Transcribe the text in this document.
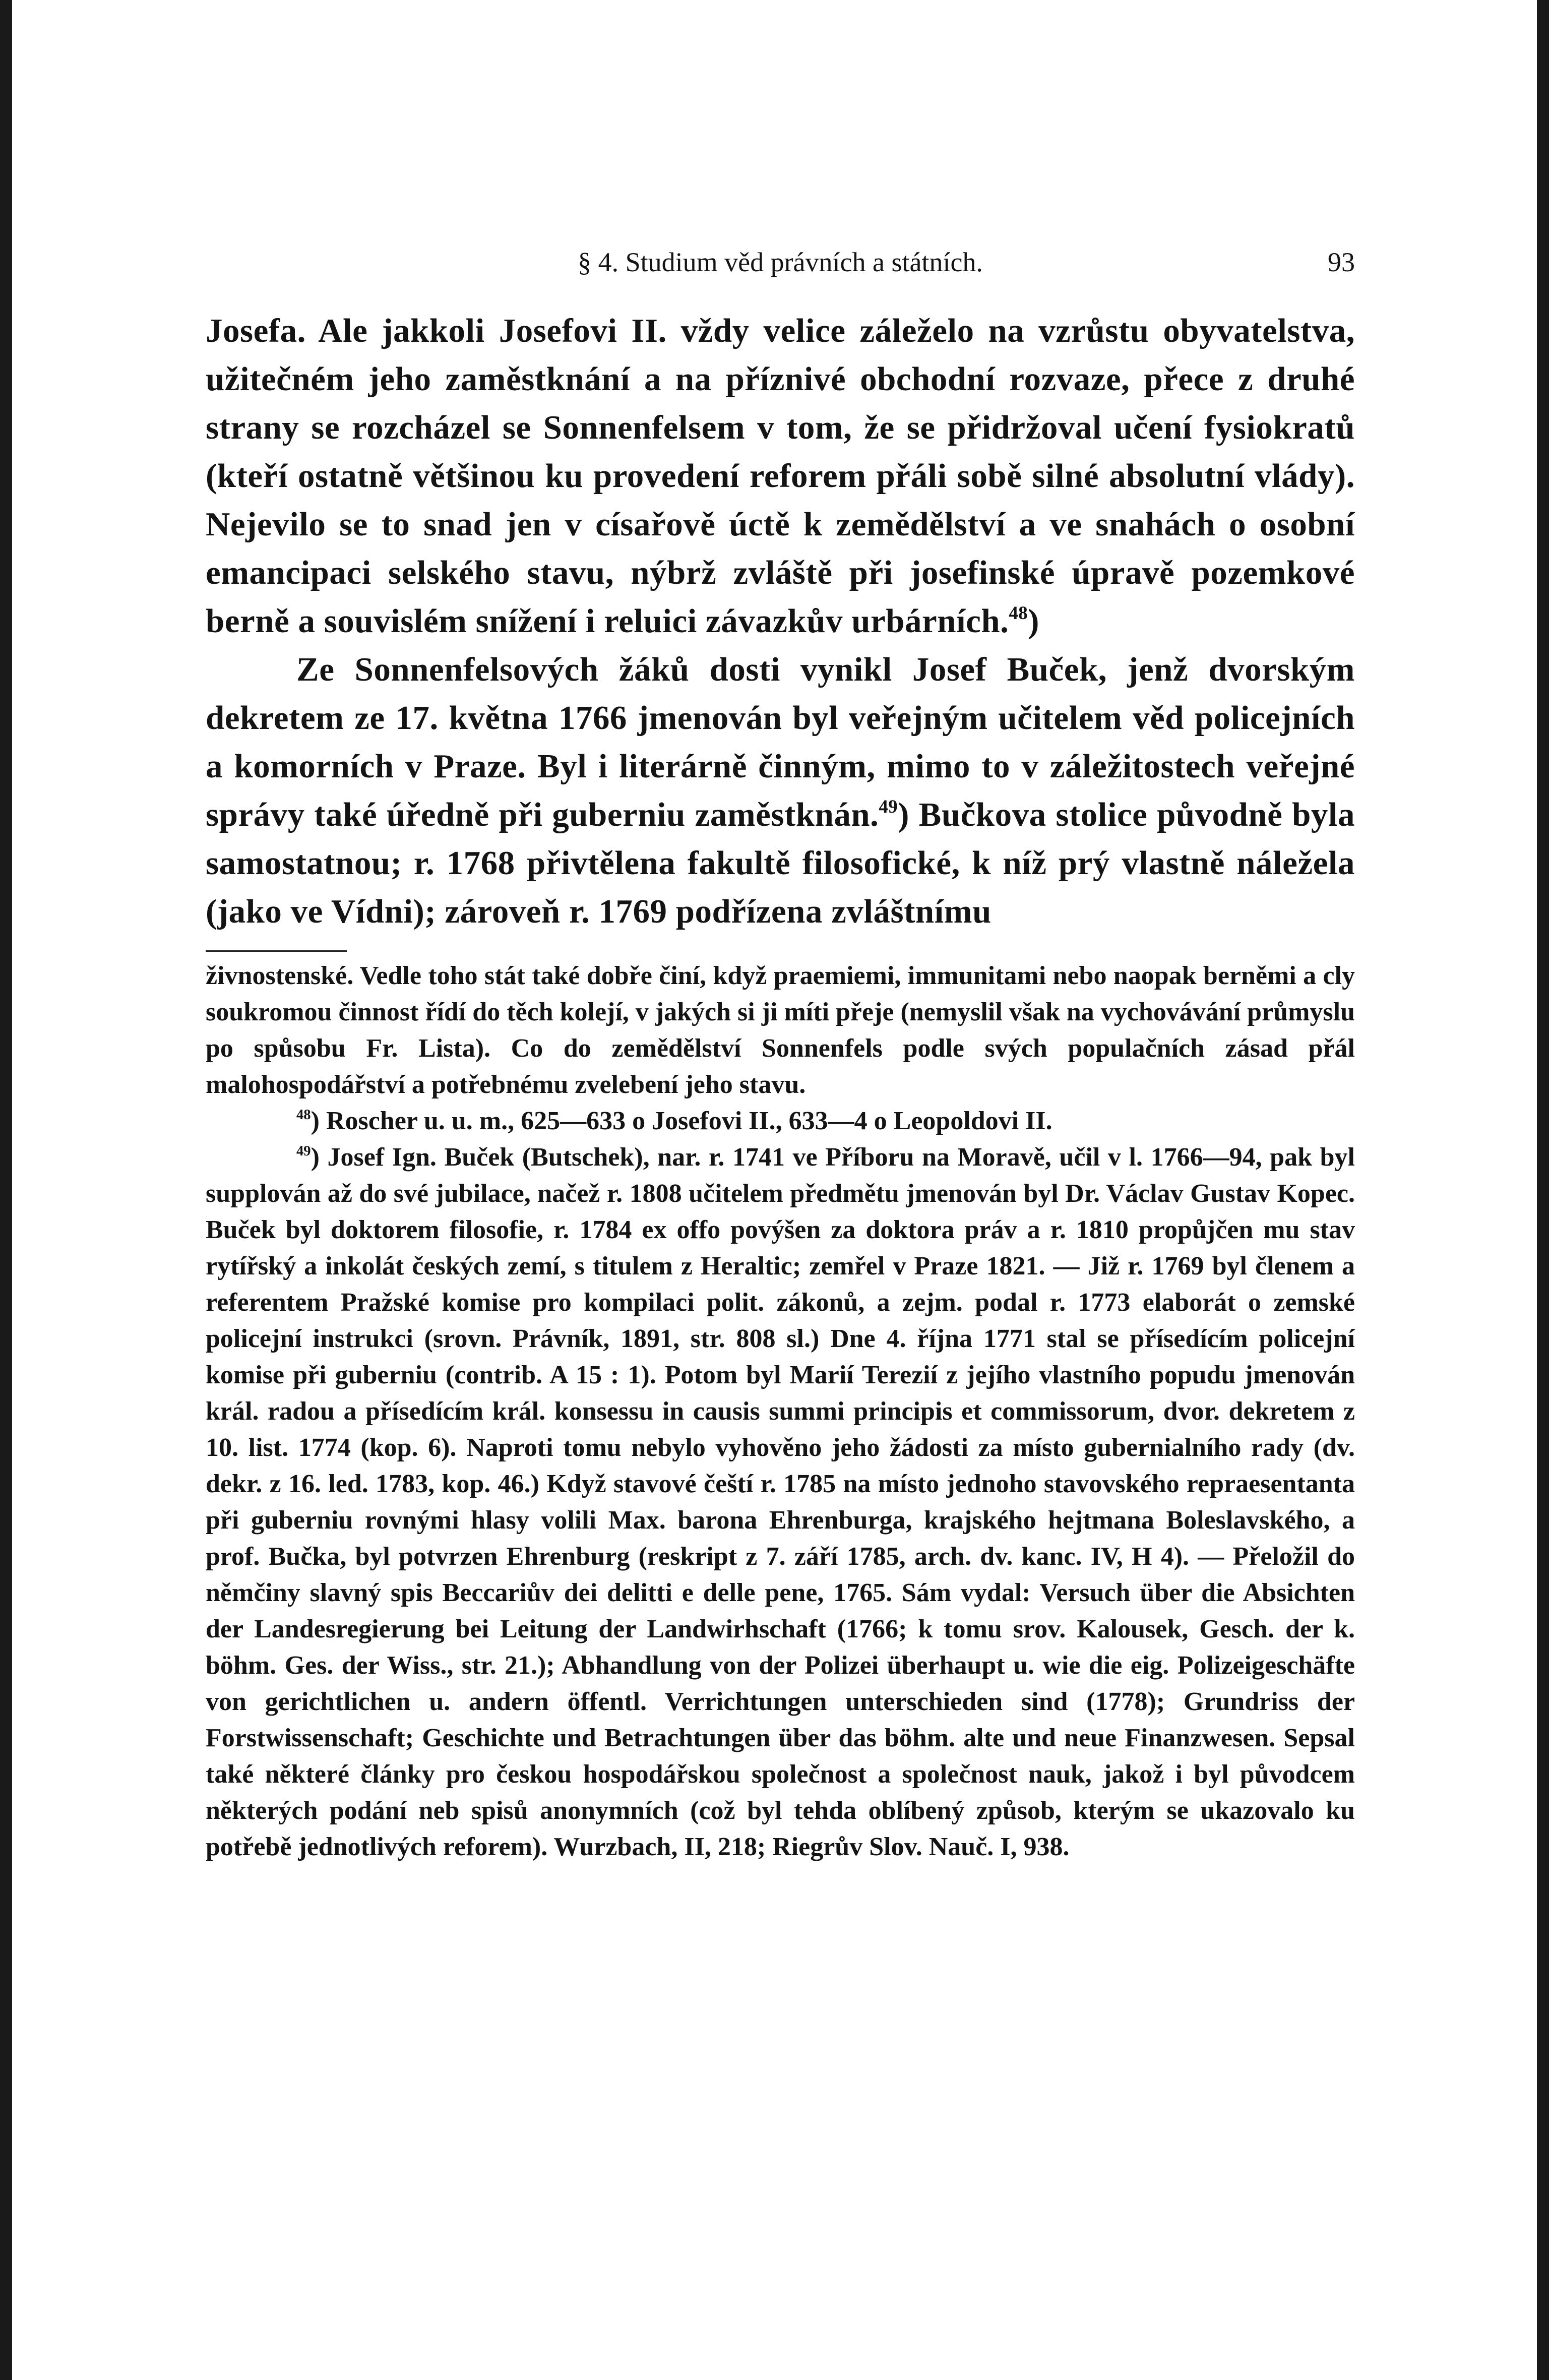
§ 4. Studium věd právních a státních.	93

Josefa. Ale jakkoli Josefovi II. vždy velice záleželo na vzrůstu obyvatelstva, užitečném jeho zaměstknání a na příznivé obchodní rozvaze, přece z druhé strany se rozcházel se Sonnenfelsem v tom, že se přidržoval učení fysiokratů (kteří ostatně většinou ku provedení reforem přáli sobě silné absolutní vlády). Nejevilo se to snad jen v císařově úctě k zemědělství a ve snahách o osobní emancipaci selského stavu, nýbrž zvláště při josefinské úpravě pozemkové berně a souvislém snížení i reluici závazkův urbárních.$^{48}$)

Ze Sonnenfelsových žáků dosti vynikl Josef Buček, jenž dvorským dekretem ze 17. května 1766 jmenován byl veřejným učitelem věd policejních a komorních v Praze. Byl i literárně činným, mimo to v záležitostech veřejné správy také úředně při guberniu zaměstknán.$^{49}$) Bučkova stolice původně byla samostatnou; r. 1768 přivtělena fakultě filosofické, k níž prý vlastně náležela (jako ve Vídni); zároveň r. 1769 podřízena zvláštnímu

živnostenské. Vedle toho stát také dobře činí, když praemiemi, immunitami nebo naopak berněmi a cly soukromou činnost řídí do těch kolejí, v jakých si ji míti přeje (nemyslil však na vychovávání průmyslu po spůsobu Fr. Lista). Co do zemědělství Sonnenfels podle svých populačních zásad přál malohospodářství a potřebnému zvelebení jeho stavu.

$^{48}$) Roscher u. u. m., 625—633 o Josefovi II., 633—4 o Leopoldovi II.

$^{49}$) Josef Ign. Buček (Butschek), nar. r. 1741 ve Příboru na Moravě, učil v l. 1766—94, pak byl supplován až do své jubilace, načež r. 1808 učitelem předmětu jmenován byl Dr. Václav Gustav Kopec. Buček byl doktorem filosofie, r. 1784 ex offo povýšen za doktora práv a r. 1810 propůjčen mu stav rytířský a inkolát českých zemí, s titulem z Heraltic; zemřel v Praze 1821. — Již r. 1769 byl členem a referentem Pražské komise pro kompilaci polit. zákonů, a zejm. podal r. 1773 elaborát o zemské policejní instrukci (srovn. Právník, 1891, str. 808 sl.) Dne 4. října 1771 stal se přísedícím policejní komise při guberniu (contrib. A 15 : 1). Potom byl Marií Terezií z jejího vlastního popudu jmenován král. radou a přísedícím král. konsessu in causis summi principis et commissorum, dvor. dekretem z 10. list. 1774 (kop. 6). Naproti tomu nebylo vyhověno jeho žádosti za místo gubernialního rady (dv. dekr. z 16. led. 1783, kop. 46.) Když stavové čeští r. 1785 na místo jednoho stavovského repraesentanta při guberniu rovnými hlasy volili Max. barona Ehrenburga, krajského hejtmana Boleslavského, a prof. Bučka, byl potvrzen Ehrenburg (reskript z 7. září 1785, arch. dv. kanc. IV, H 4). — Přeložil do němčiny slavný spis Beccariův dei delitti e delle pene, 1765. Sám vydal: Versuch über die Absichten der Landesregierung bei Leitung der Landwirhschaft (1766; k tomu srov. Kalousek, Gesch. der k. böhm. Ges. der Wiss., str. 21.); Abhandlung von der Polizei überhaupt u. wie die eig. Polizeigeschäfte von gerichtlichen u. andern öffentl. Verrichtungen unterschieden sind (1778); Grundriss der Forstwissenschaft; Geschichte und Betrachtungen über das böhm. alte und neue Finanzwesen. Sepsal také některé články pro českou hospodářskou společnost a společnost nauk, jakož i byl původcem některých podání neb spisů anonymních (což byl tehda oblíbený způsob, kterým se ukazovalo ku potřebě jednotlivých reforem). Wurzbach, II, 218; Riegrův Slov. Nauč. I, 938.
